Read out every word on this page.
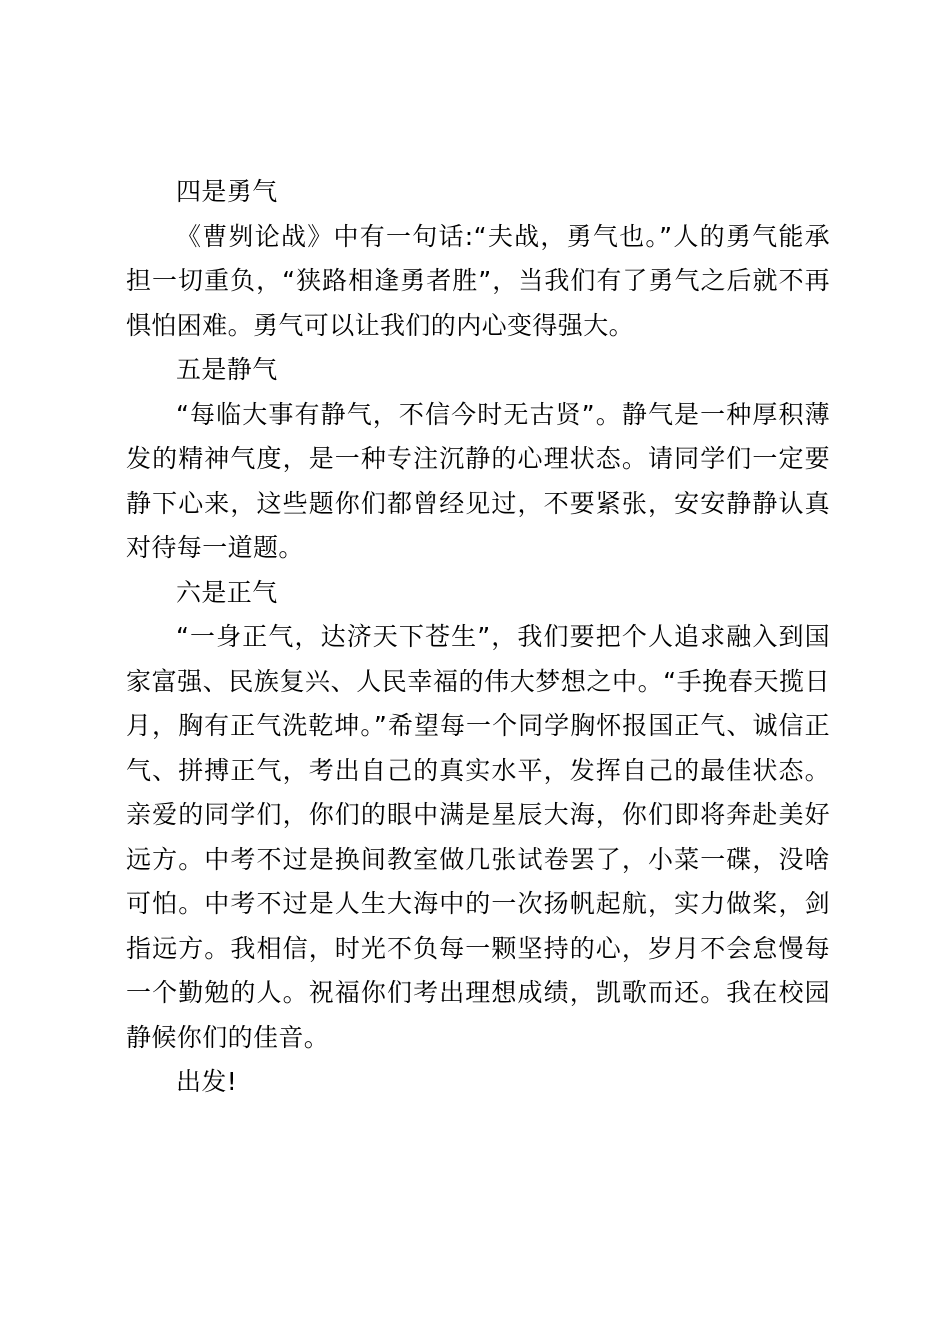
四是勇气

《曹刿论战》中有一句话:“夫战，勇气也。”人的勇气能承担一切重负，“狭路相逢勇者胜”，当我们有了勇气之后就不再惧怕困难。勇气可以让我们的内心变得强大。

五是静气

“每临大事有静气，不信今时无古贤”。静气是一种厚积薄发的精神气度，是一种专注沉静的心理状态。请同学们一定要静下心来，这些题你们都曾经见过，不要紧张，安安静静认真对待每一道题。

六是正气

“一身正气，达济天下苍生”，我们要把个人追求融入到国家富强、民族复兴、人民幸福的伟大梦想之中。“手挽春天揽日月，胸有正气洗乾坤。”希望每一个同学胸怀报国正气、诚信正气、拼搏正气，考出自己的真实水平，发挥自己的最佳状态。亲爱的同学们，你们的眼中满是星辰大海，你们即将奔赴美好远方。中考不过是换间教室做几张试卷罢了，小菜一碟，没啥可怕。中考不过是人生大海中的一次扬帆起航，实力做桨，剑指远方。我相信，时光不负每一颗坚持的心，岁月不会怠慢每一个勤勉的人。祝福你们考出理想成绩，凯歌而还。我在校园静候你们的佳音。

出发!
